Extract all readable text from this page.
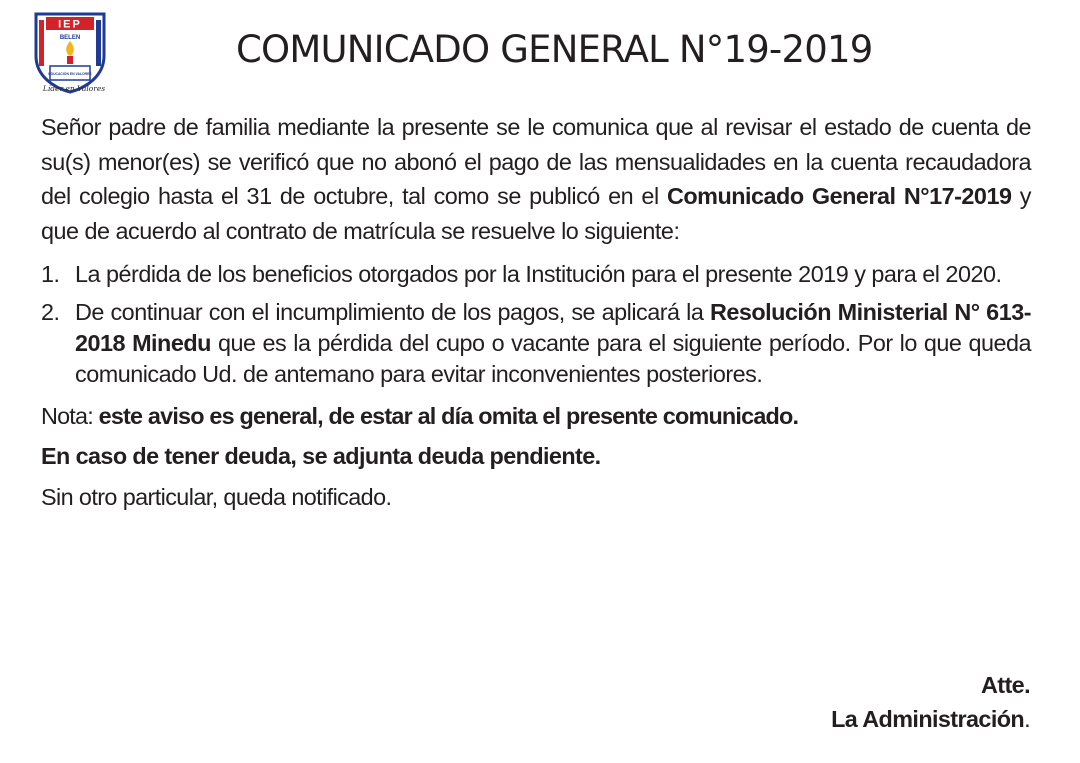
IEP
BELEN
EDUCACIÓN EN VALORES
Líder en Valores
COMUNICADO GENERAL N°19-2019

Señor padre de familia mediante la presente se le comunica que al revisar el estado de cuenta de su(s) menor(es) se verificó que no abonó el pago de las mensualidades en la cuenta recaudadora del colegio hasta el 31 de octubre, tal como se publicó en el Comunicado General N°17-2019 y que de acuerdo al contrato de matrícula se resuelve lo siguiente:

1. La pérdida de los beneficios otorgados por la Institución para el presente 2019 y para el 2020.
2. De continuar con el incumplimiento de los pagos, se aplicará la Resolución Ministerial N° 613-2018 Minedu que es la pérdida del cupo o vacante para el siguiente período. Por lo que queda comunicado Ud. de antemano para evitar inconvenientes posteriores.

Nota: este aviso es general, de estar al día omita el presente comunicado.

En caso de tener deuda, se adjunta deuda pendiente.

Sin otro particular, queda notificado.

Atte.
La Administración.
